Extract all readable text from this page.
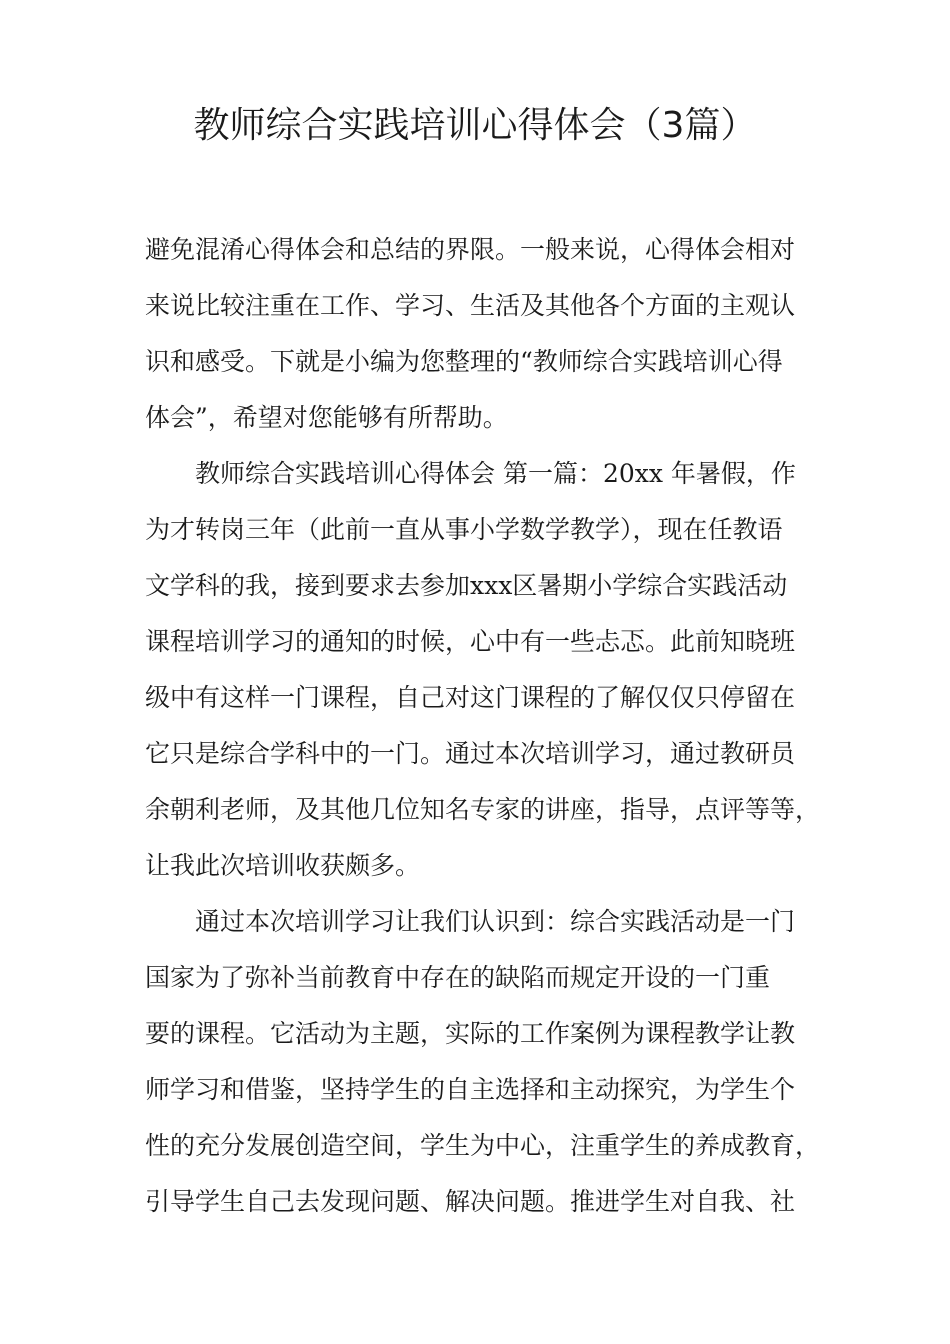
教师综合实践培训心得体会（3篇）

避免混淆心得体会和总结的界限。一般来说，心得体会相对

来说比较注重在工作、学习、生活及其他各个方面的主观认

识和感受。下就是小编为您整理的“教师综合实践培训心得

体会”，希望对您能够有所帮助。

教师综合实践培训心得体会 第一篇：20xx 年暑假，作

为才转岗三年（此前一直从事小学数学教学），现在任教语

文学科的我，接到要求去参加xxx区暑期小学综合实践活动

课程培训学习的通知的时候，心中有一些忐忑。此前知晓班

级中有这样一门课程，自己对这门课程的了解仅仅只停留在

它只是综合学科中的一门。通过本次培训学习，通过教研员

余朝利老师，及其他几位知名专家的讲座，指导，点评等等，

让我此次培训收获颇多。

通过本次培训学习让我们认识到：综合实践活动是一门

国家为了弥补当前教育中存在的缺陷而规定开设的一门重

要的课程。它活动为主题，实际的工作案例为课程教学让教

师学习和借鉴，坚持学生的自主选择和主动探究，为学生个

性的充分发展创造空间，学生为中心，注重学生的养成教育，

引导学生自己去发现问题、解决问题。推进学生对自我、社
